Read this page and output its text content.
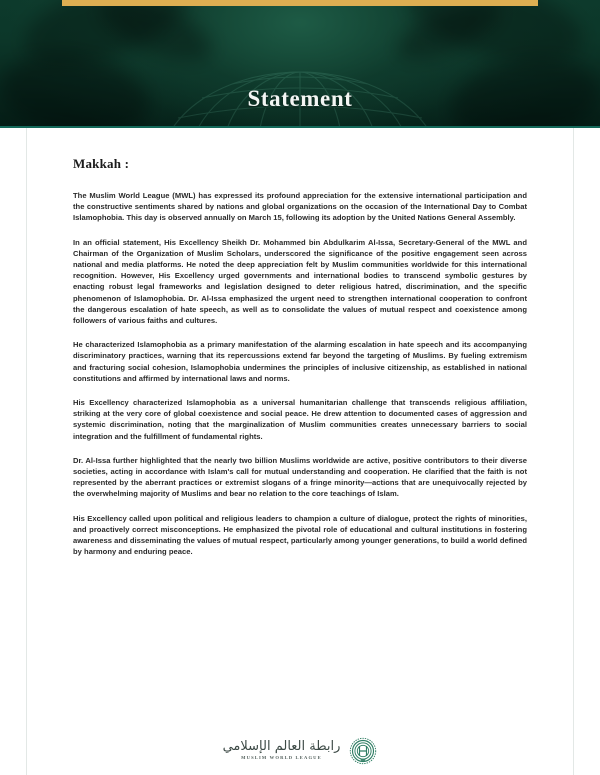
Statement

Makkah :

The Muslim World League (MWL) has expressed its profound appreciation for the extensive international participation and the constructive sentiments shared by nations and global organizations on the occasion of the International Day to Combat Islamophobia. This day is observed annually on March 15, following its adoption by the United Nations General Assembly.

In an official statement, His Excellency Sheikh Dr. Mohammed bin Abdulkarim Al-Issa, Secretary-General of the MWL and Chairman of the Organization of Muslim Scholars, underscored the significance of the positive engagement seen across national and media platforms. He noted the deep appreciation felt by Muslim communities worldwide for this international recognition. However, His Excellency urged governments and international bodies to transcend symbolic gestures by enacting robust legal frameworks and legislation designed to deter religious hatred, discrimination, and the specific phenomenon of Islamophobia. Dr. Al-Issa emphasized the urgent need to strengthen international cooperation to confront the dangerous escalation of hate speech, as well as to consolidate the values of mutual respect and coexistence among followers of various faiths and cultures.

He characterized Islamophobia as a primary manifestation of the alarming escalation in hate speech and its accompanying discriminatory practices, warning that its repercussions extend far beyond the targeting of Muslims. By fueling extremism and fracturing social cohesion, Islamophobia undermines the principles of inclusive citizenship, as established in national constitutions and affirmed by international laws and norms.

His Excellency characterized Islamophobia as a universal humanitarian challenge that transcends religious affiliation, striking at the very core of global coexistence and social peace. He drew attention to documented cases of aggression and systemic discrimination, noting that the marginalization of Muslim communities creates unnecessary barriers to social integration and the fulfillment of fundamental rights.

Dr. Al-Issa further highlighted that the nearly two billion Muslims worldwide are active, positive contributors to their diverse societies, acting in accordance with Islam's call for mutual understanding and cooperation. He clarified that the faith is not represented by the aberrant practices or extremist slogans of a fringe minority—actions that are unequivocally rejected by the overwhelming majority of Muslims and bear no relation to the core teachings of Islam.

His Excellency called upon political and religious leaders to champion a culture of dialogue, protect the rights of minorities, and proactively correct misconceptions. He emphasized the pivotal role of educational and cultural institutions in fostering awareness and disseminating the values of mutual respect, particularly among younger generations, to build a world defined by harmony and enduring peace.

رابطة العالم الإسلامي
MUSLIM WORLD LEAGUE
